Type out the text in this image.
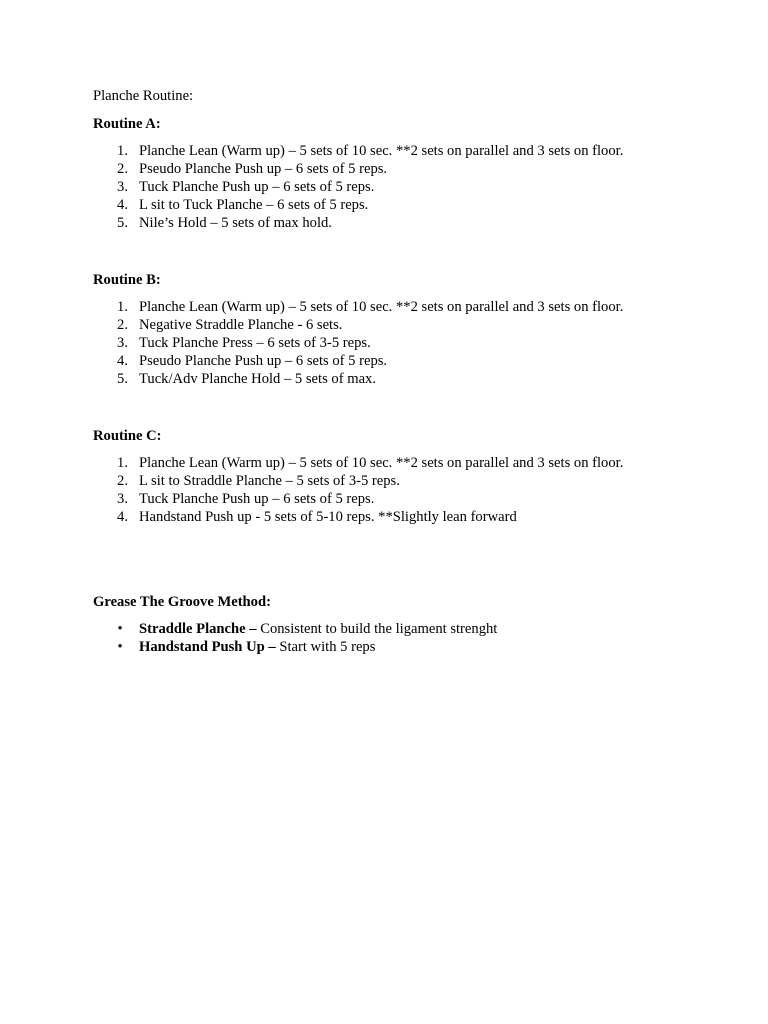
Planche Routine:
Routine A:
1. Planche Lean (Warm up) – 5 sets of 10 sec. **2 sets on parallel and 3 sets on floor.
2. Pseudo Planche Push up – 6 sets of 5 reps.
3. Tuck Planche Push up – 6 sets of 5 reps.
4. L sit to Tuck Planche – 6 sets of 5 reps.
5. Nile’s Hold – 5 sets of max hold.
Routine B:
1. Planche Lean (Warm up) – 5 sets of 10 sec. **2 sets on parallel and 3 sets on floor.
2. Negative Straddle Planche - 6 sets.
3. Tuck Planche Press – 6 sets of 3-5 reps.
4. Pseudo Planche Push up – 6 sets of 5 reps.
5. Tuck/Adv Planche Hold – 5 sets of max.
Routine C:
1. Planche Lean (Warm up) – 5 sets of 10 sec. **2 sets on parallel and 3 sets on floor.
2. L sit to Straddle Planche – 5 sets of 3-5 reps.
3. Tuck Planche Push up – 6 sets of 5 reps.
4. Handstand Push up - 5 sets of 5-10 reps. **Slightly lean forward
Grease The Groove Method:
• Straddle Planche – Consistent to build the ligament strenght
• Handstand Push Up – Start with 5 reps
